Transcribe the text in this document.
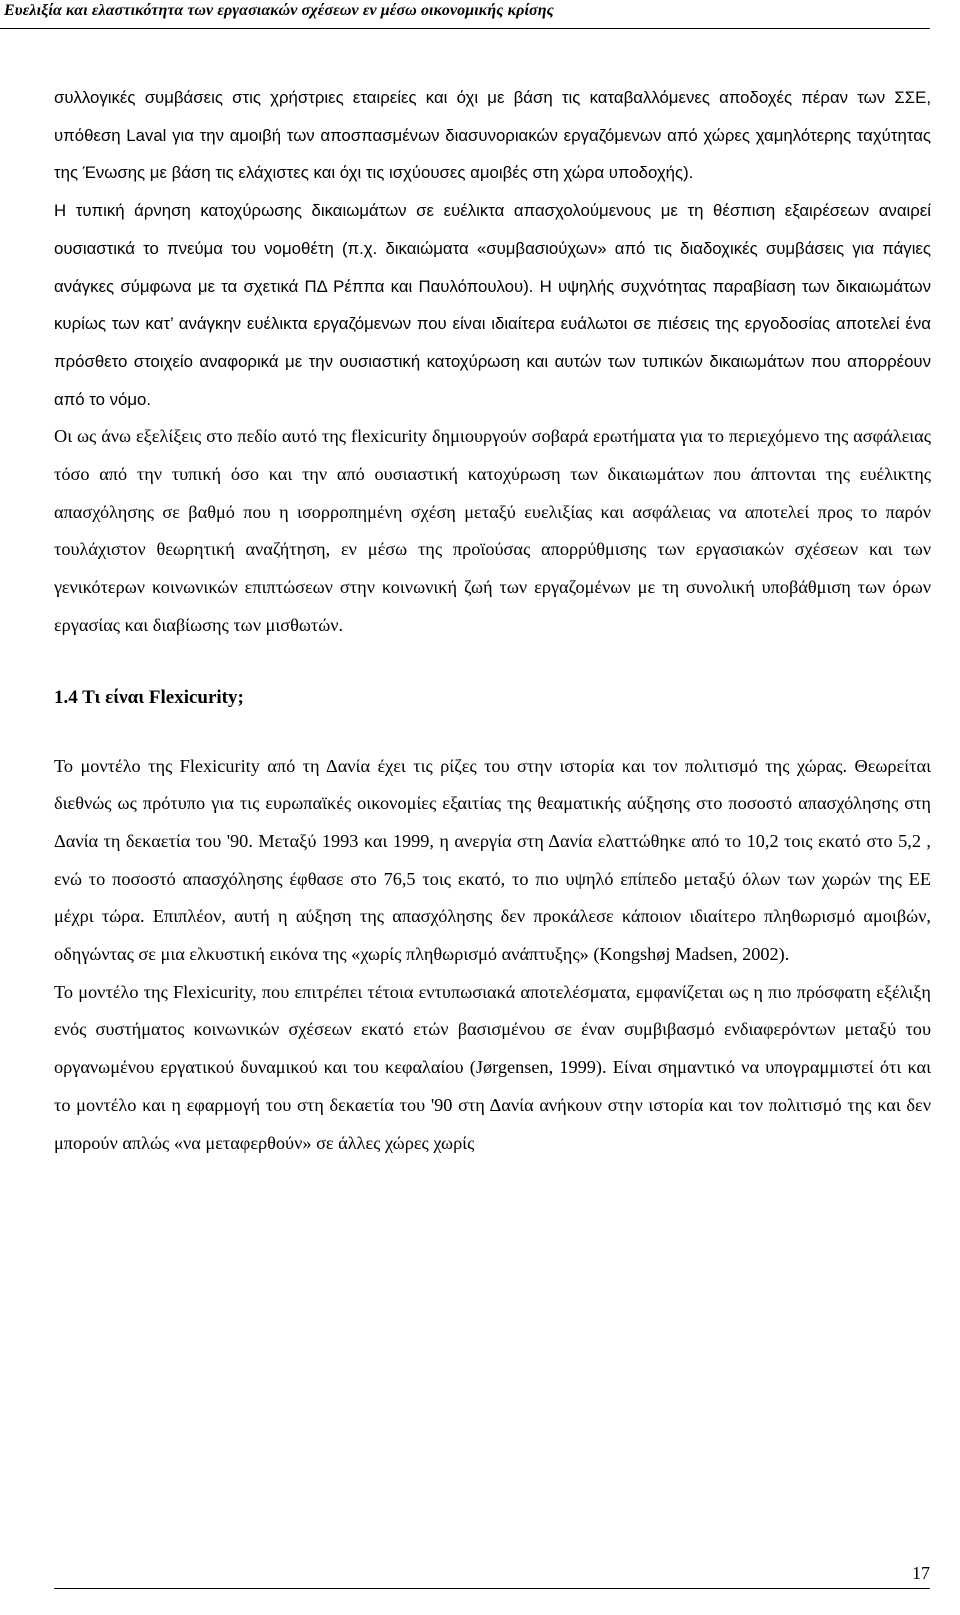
Ευελιξία και ελαστικότητα των εργασιακών σχέσεων εν μέσω οικονομικής κρίσης

συλλογικές συμβάσεις στις χρήστριες εταιρείες και όχι με βάση τις καταβαλλόμενες αποδοχές πέραν των ΣΣΕ, υπόθεση Laval για την αμοιβή των αποσπασμένων διασυνοριακών εργαζόμενων από χώρες χαμηλότερης ταχύτητας της Ένωσης με βάση τις ελάχιστες και όχι τις ισχύουσες αμοιβές στη χώρα υποδοχής).

Η τυπική άρνηση κατοχύρωσης δικαιωμάτων σε ευέλικτα απασχολούμενους με τη θέσπιση εξαιρέσεων αναιρεί ουσιαστικά το πνεύμα του νομοθέτη (π.χ. δικαιώματα «συμβασιούχων» από τις διαδοχικές συμβάσεις για πάγιες ανάγκες σύμφωνα με τα σχετικά ΠΔ Ρέππα και Παυλόπουλου). Η υψηλής συχνότητας παραβίαση των δικαιωμάτων κυρίως των κατ’ ανάγκην ευέλικτα εργαζόμενων που είναι ιδιαίτερα ευάλωτοι σε πιέσεις της εργοδοσίας αποτελεί ένα πρόσθετο στοιχείο αναφορικά με την ουσιαστική κατοχύρωση και αυτών των τυπικών δικαιωμάτων που απορρέουν από το νόμο.

Οι ως άνω εξελίξεις στο πεδίο αυτό της flexicurity δημιουργούν σοβαρά ερωτήματα για το περιεχόμενο της ασφάλειας τόσο από την τυπική όσο και την από ουσιαστική κατοχύρωση των δικαιωμάτων που άπτονται της ευέλικτης απασχόλησης σε βαθμό που η ισορροπημένη σχέση μεταξύ ευελιξίας και ασφάλειας να αποτελεί προς το παρόν τουλάχιστον θεωρητική αναζήτηση, εν μέσω της προϊούσας απορρύθμισης των εργασιακών σχέσεων και των γενικότερων κοινωνικών επιπτώσεων στην κοινωνική ζωή των εργαζομένων με τη συνολική υποβάθμιση των όρων εργασίας και διαβίωσης των μισθωτών.

1.4 Τι είναι Flexicurity;

Το μοντέλο της Flexicurity από τη Δανία έχει τις ρίζες του στην ιστορία και τον πολιτισμό της χώρας. Θεωρείται διεθνώς ως πρότυπο για τις ευρωπαϊκές οικονομίες εξαιτίας της θεαματικής αύξησης στο ποσοστό απασχόλησης στη Δανία τη δεκαετία του '90. Μεταξύ 1993 και 1999, η ανεργία στη Δανία ελαττώθηκε από το 10,2 τοις εκατό στο 5,2 , ενώ το ποσοστό απασχόλησης έφθασε στο 76,5 τοις εκατό, το πιο υψηλό επίπεδο μεταξύ όλων των χωρών της ΕΕ μέχρι τώρα. Επιπλέον, αυτή η αύξηση της απασχόλησης δεν προκάλεσε κάποιον ιδιαίτερο πληθωρισμό αμοιβών, οδηγώντας σε μια ελκυστική εικόνα της «χωρίς πληθωρισμό ανάπτυξης» (Kongshøj Madsen, 2002).

Το μοντέλο της Flexicurity, που επιτρέπει τέτοια εντυπωσιακά αποτελέσματα, εμφανίζεται ως η πιο πρόσφατη εξέλιξη ενός συστήματος κοινωνικών σχέσεων εκατό ετών βασισμένου σε έναν συμβιβασμό ενδιαφερόντων μεταξύ του οργανωμένου εργατικού δυναμικού και του κεφαλαίου (Jørgensen, 1999). Είναι σημαντικό να υπογραμμιστεί ότι και το μοντέλο και η εφαρμογή του στη δεκαετία του '90 στη Δανία ανήκουν στην ιστορία και τον πολιτισμό της και δεν μπορούν απλώς «να μεταφερθούν» σε άλλες χώρες χωρίς

17
